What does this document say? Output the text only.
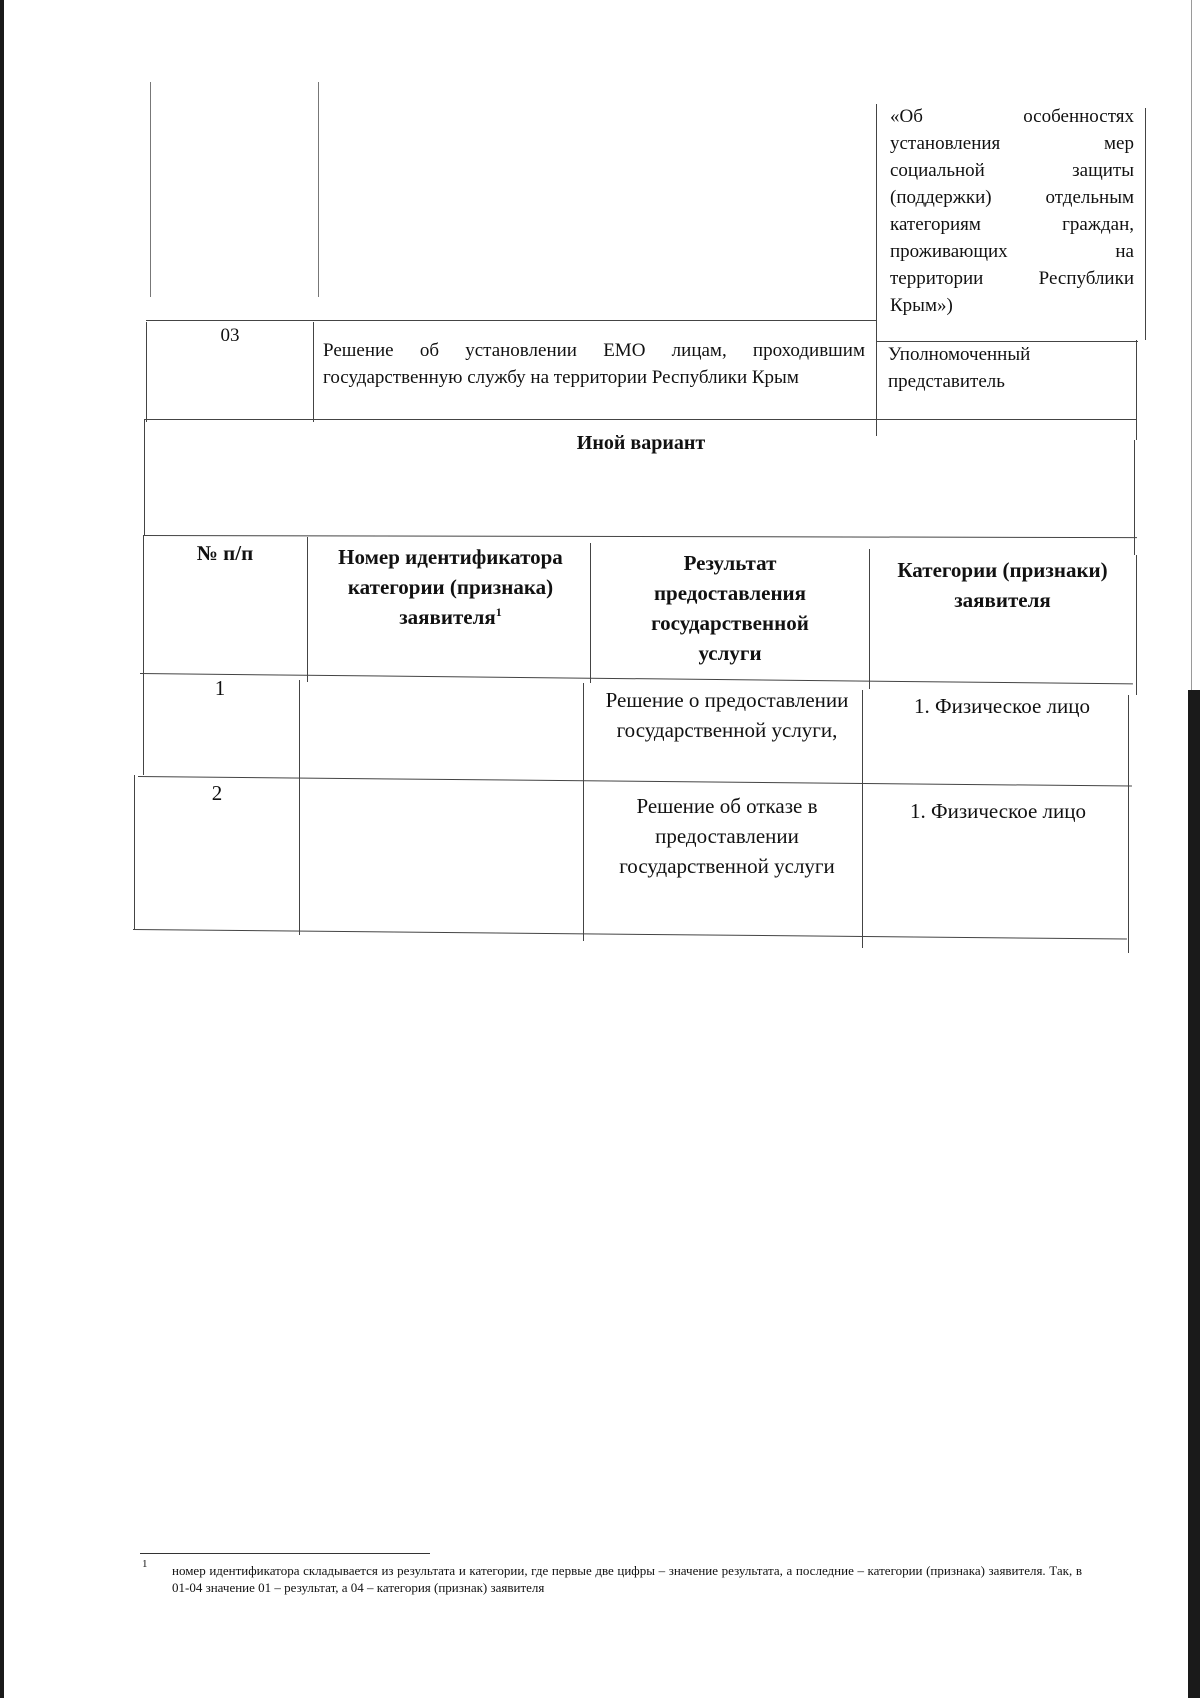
«Об особенностях
установления мер
социальной защиты
(поддержки) отдельным
категориям граждан,
проживающих на
территории Республики
Крым»)
03
Решение об установлении ЕМО лицам, проходившим государственную службу на территории Республики Крым
Уполномоченный представитель
Иной вариант
№ п/п	Номер идентификатора категории (признака) заявителя$^1$
Результат предоставления государственной услуги
Категории (признаки) заявителя
1	Решение о предоставлении государственной услуги,
1. Физическое лицо
2
Решение об отказе в предоставлении государственной услуги
1. Физическое лицо
1 номер идентификатора складывается из результата и категории, где первые две цифры – значение результата, а последние – категории (признака) заявителя. Так, в 01-04 значение 01 – результат, а 04 – категория (признак) заявителя
